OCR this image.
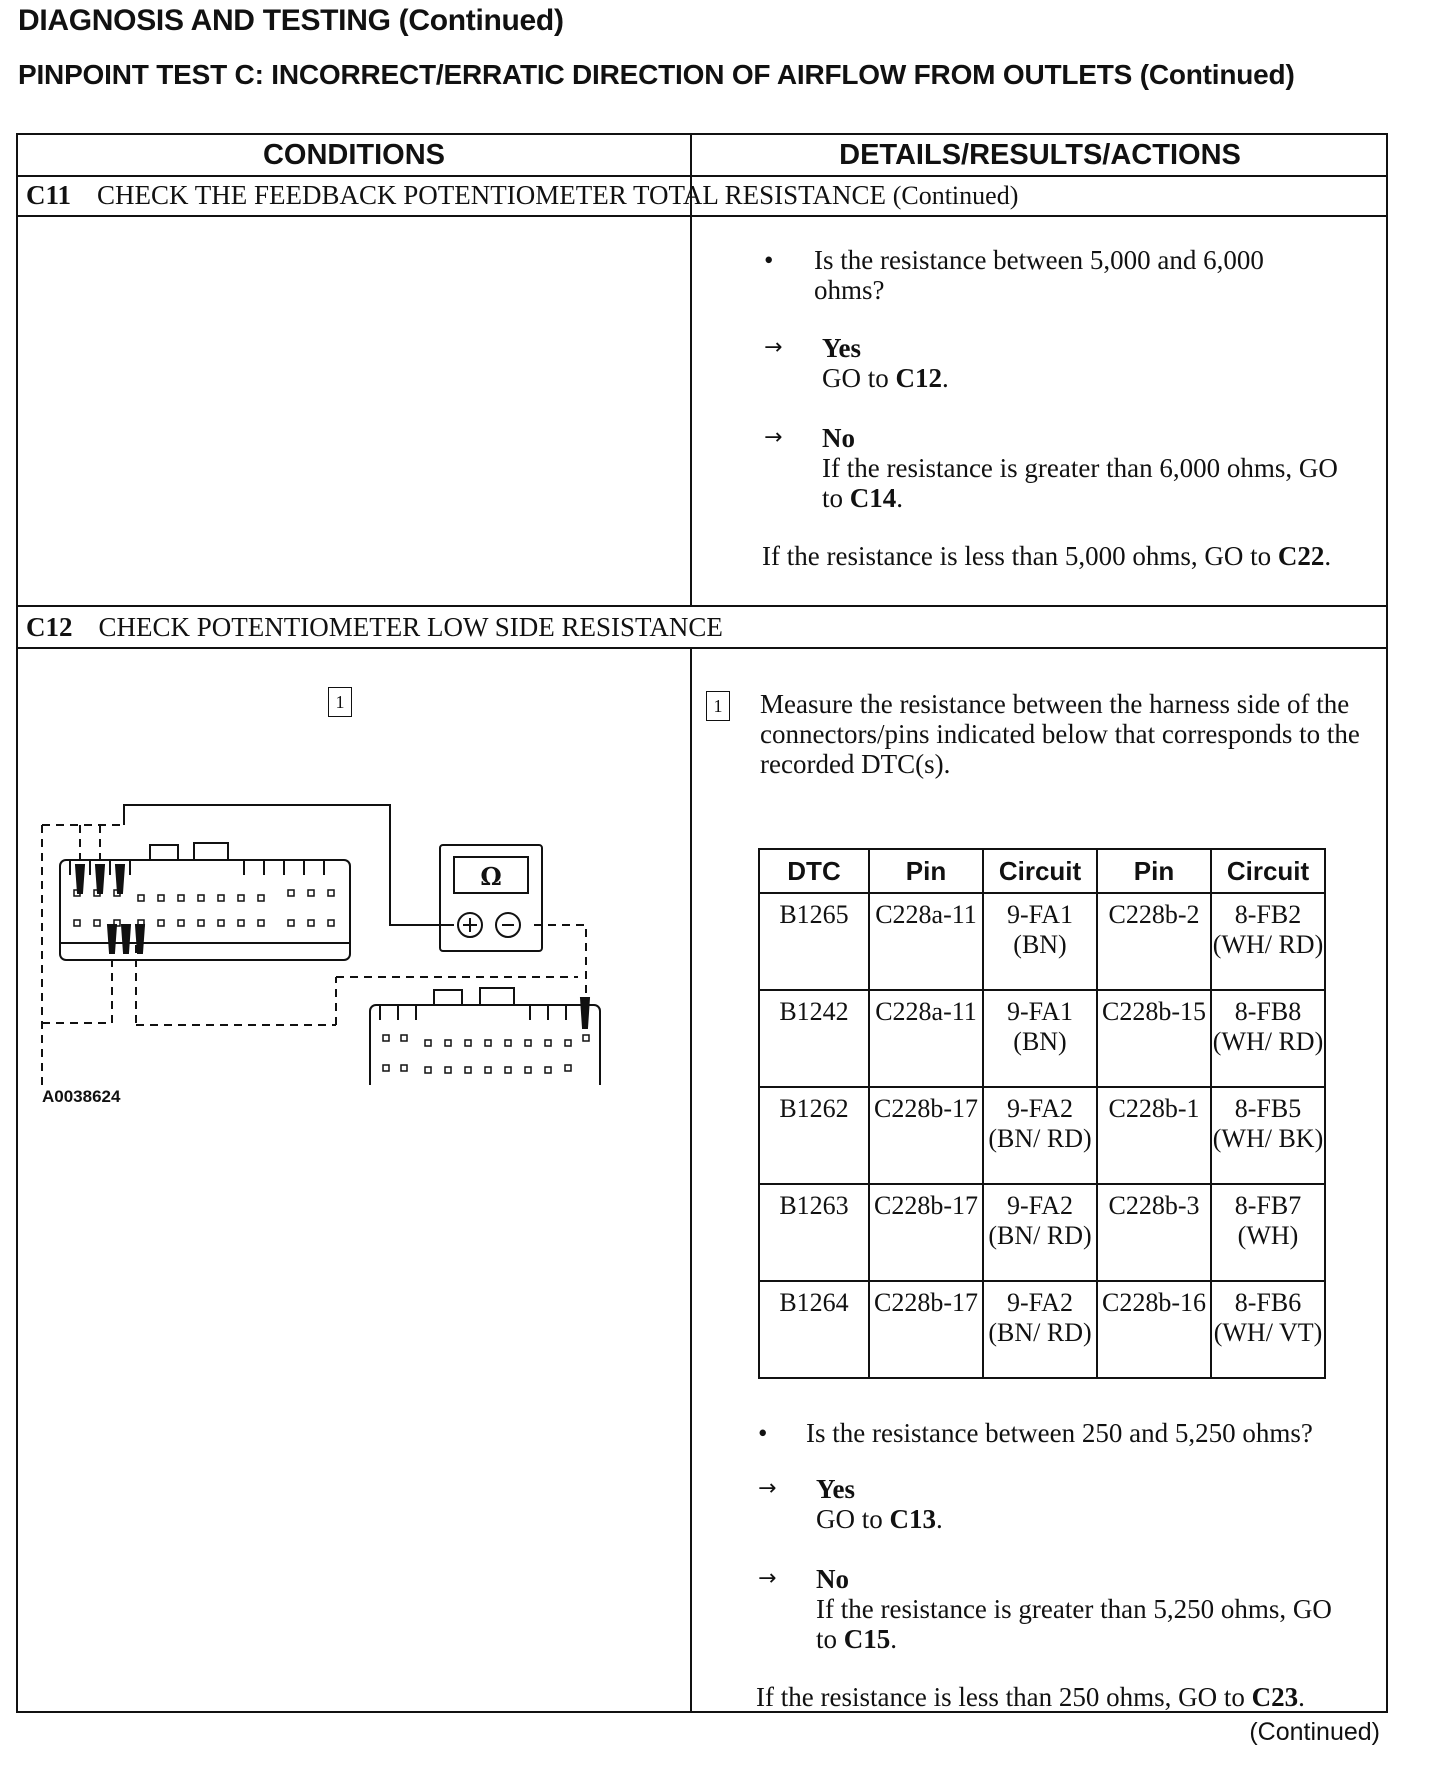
DIAGNOSIS AND TESTING (Continued)
PINPOINT TEST C: INCORRECT/ERRATIC DIRECTION OF AIRFLOW FROM OUTLETS (Continued)
CONDITIONS	DETAILS/RESULTS/ACTIONS
C11 CHECK THE FEEDBACK POTENTIOMETER TOTAL RESISTANCE (Continued)
• Is the resistance between 5,000 and 6,000 ohms?
→ Yes
GO to C12.
→ No
If the resistance is greater than 6,000 ohms, GO to C14.
If the resistance is less than 5,000 ohms, GO to C22.
C12 CHECK POTENTIOMETER LOW SIDE RESISTANCE
1
Ω
A0038624
1 Measure the resistance between the harness side of the connectors/pins indicated below that corresponds to the recorded DTC(s).
DTC	Pin	Circuit	Pin	Circuit
B1265	C228a-11	9-FA1 (BN)	C228b-2	8-FB2 (WH/ RD)
B1242	C228a-11	9-FA1 (BN)	C228b-15	8-FB8 (WH/ RD)
B1262	C228b-17	9-FA2 (BN/ RD)	C228b-1	8-FB5 (WH/ BK)
B1263	C228b-17	9-FA2 (BN/ RD)	C228b-3	8-FB7 (WH)
B1264	C228b-17	9-FA2 (BN/ RD)	C228b-16	8-FB6 (WH/ VT)
• Is the resistance between 250 and 5,250 ohms?
→ Yes
GO to C13.
→ No
If the resistance is greater than 5,250 ohms, GO to C15.
If the resistance is less than 250 ohms, GO to C23.
(Continued)
